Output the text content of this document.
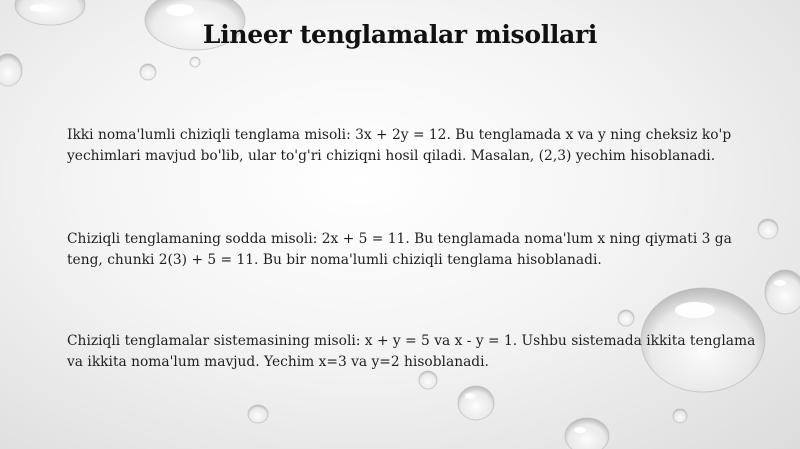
Lineer tenglamalar misollari
Ikki noma'lumli chiziqli tenglama misoli: 3x + 2y = 12. Bu tenglamada x va y ning cheksiz ko'p yechimlari mavjud bo'lib, ular to'g'ri chiziqni hosil qiladi. Masalan, (2,3) yechim hisoblanadi.
Chiziqli tenglamaning sodda misoli: 2x + 5 = 11. Bu tenglamada noma'lum x ning qiymati 3 ga teng, chunki 2(3) + 5 = 11. Bu bir noma'lumli chiziqli tenglama hisoblanadi.
Chiziqli tenglamalar sistemasining misoli: x + y = 5 va x - y = 1. Ushbu sistemada ikkita tenglama va ikkita noma'lum mavjud. Yechim x=3 va y=2 hisoblanadi.
